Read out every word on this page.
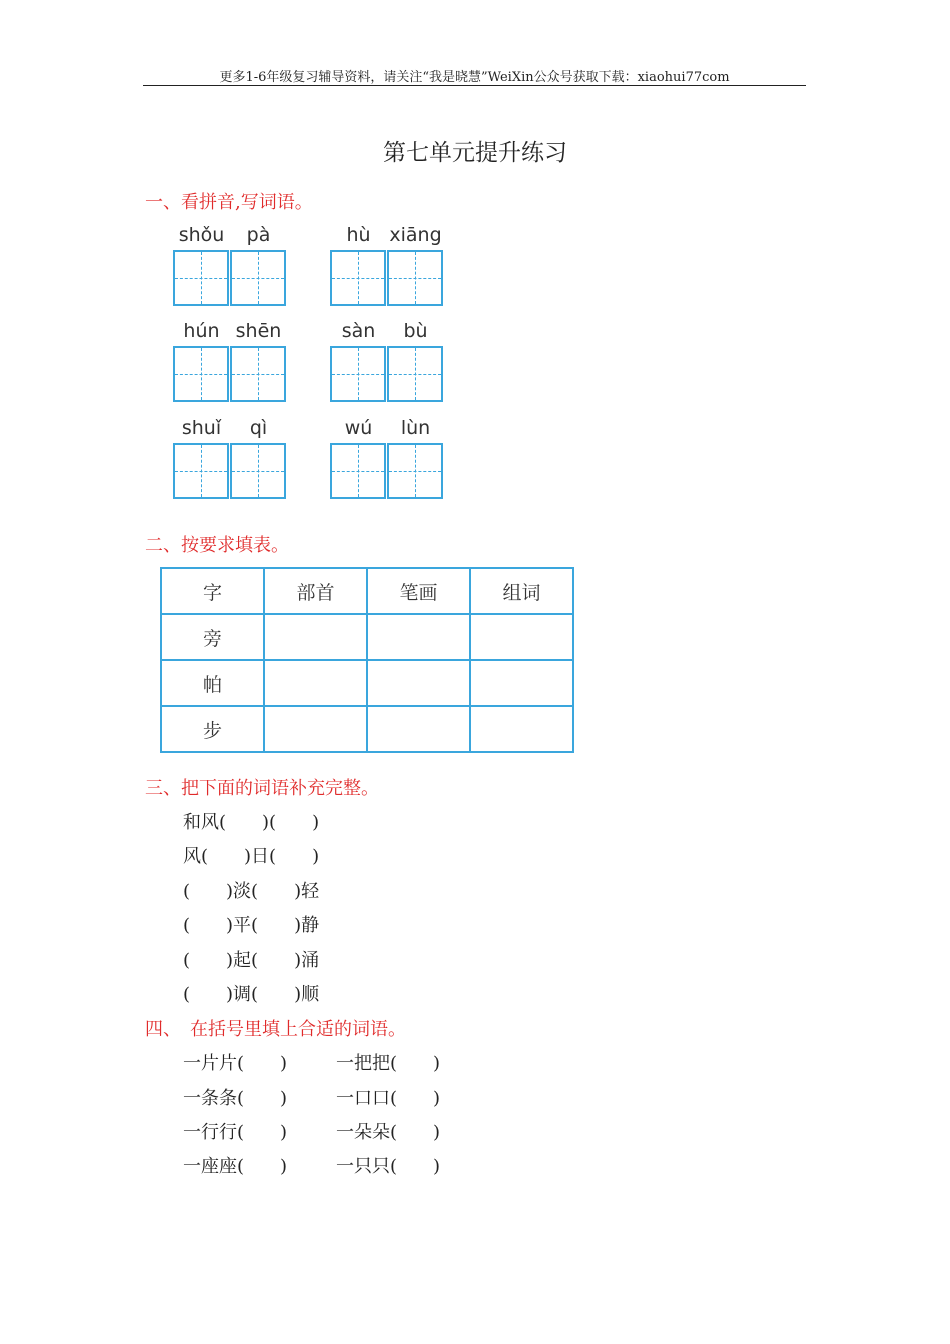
更多1-6年级复习辅导资料，请关注“我是晓慧”WeiXin公众号获取下载：xiaohui77com
第七单元提升练习
一、看拼音,写词语。
shǒu	pà	hù xiāng
hún shēn	sàn	bù
shuǐ	qì	wú	lùn
二、按要求填表。
字	部首	笔画	组词
旁			
帕			
步			
三、把下面的词语补充完整。
和风(　　)(　　)
风(　　)日(　　)
(　　)淡(　　)轻
(　　)平(　　)静
(　　)起(　　)涌
(　　)调(　　)顺
四、　在括号里填上合适的词语。
一片片(　　)	一把把(　　)
一条条(　　)	一口口(　　)
一行行(　　)	一朵朵(　　)
一座座(　　)	一只只(　　)
